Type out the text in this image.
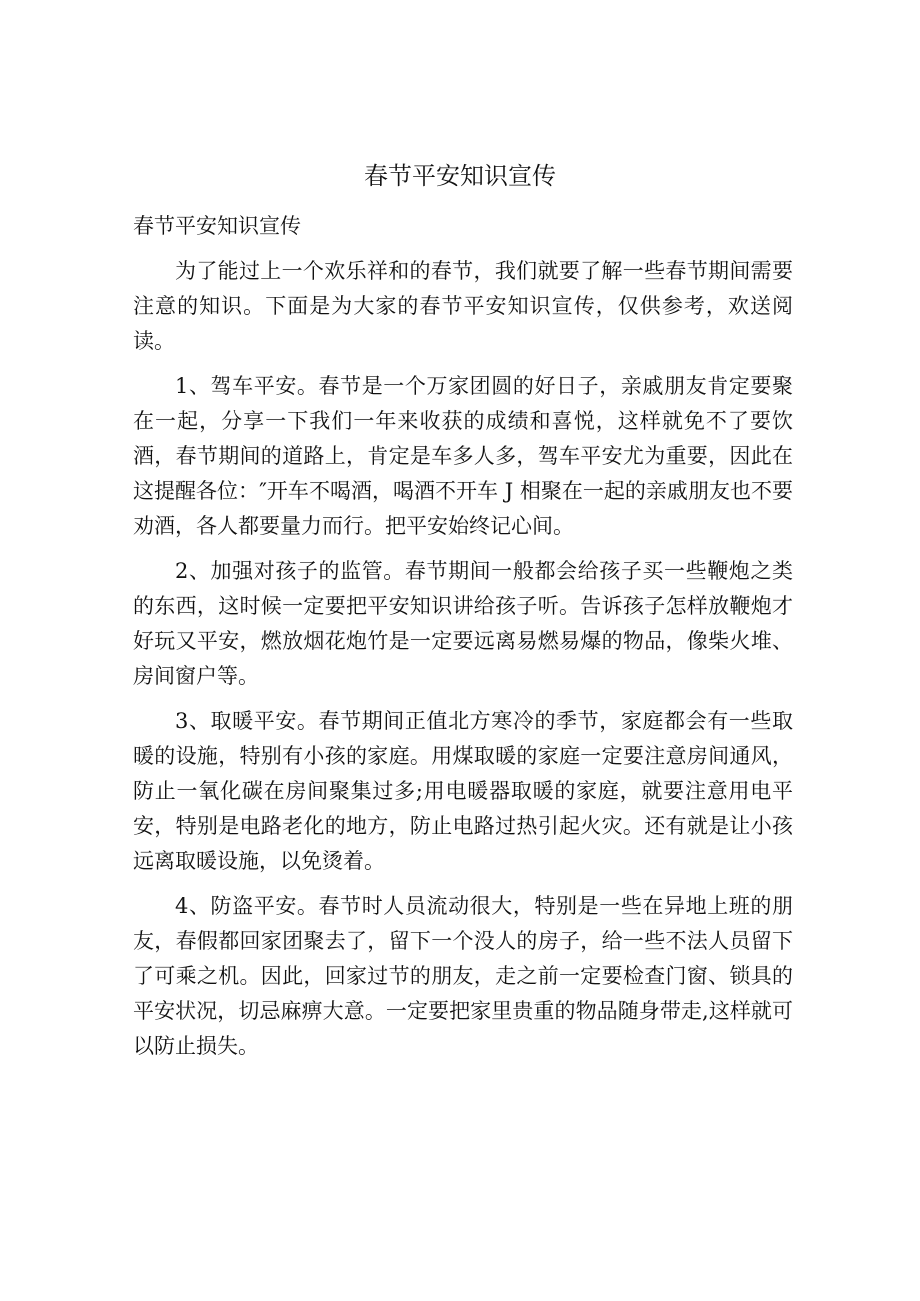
春节平安知识宣传

春节平安知识宣传

为了能过上一个欢乐祥和的春节，我们就要了解一些春节期间需要注意的知识。下面是为大家的春节平安知识宣传，仅供参考，欢送阅读。

1、驾车平安。春节是一个万家团圆的好日子，亲戚朋友肯定要聚在一起，分享一下我们一年来收获的成绩和喜悦，这样就免不了要饮酒，春节期间的道路上，肯定是车多人多，驾车平安尤为重要，因此在这提醒各位：″开车不喝酒，喝酒不开车 J 相聚在一起的亲戚朋友也不要劝酒，各人都要量力而行。把平安始终记心间。

2、加强对孩子的监管。春节期间一般都会给孩子买一些鞭炮之类的东西，这时候一定要把平安知识讲给孩子听。告诉孩子怎样放鞭炮才好玩又平安，燃放烟花炮竹是一定要远离易燃易爆的物品，像柴火堆、房间窗户等。

3、取暖平安。春节期间正值北方寒冷的季节，家庭都会有一些取暖的设施，特别有小孩的家庭。用煤取暖的家庭一定要注意房间通风，防止一氧化碳在房间聚集过多;用电暖器取暖的家庭，就要注意用电平安，特别是电路老化的地方，防止电路过热引起火灾。还有就是让小孩远离取暖设施，以免烫着。

4、防盗平安。春节时人员流动很大，特别是一些在异地上班的朋友，春假都回家团聚去了，留下一个没人的房子，给一些不法人员留下了可乘之机。因此，回家过节的朋友，走之前一定要检查门窗、锁具的平安状况，切忌麻痹大意。一定要把家里贵重的物品随身带走,这样就可以防止损失。
